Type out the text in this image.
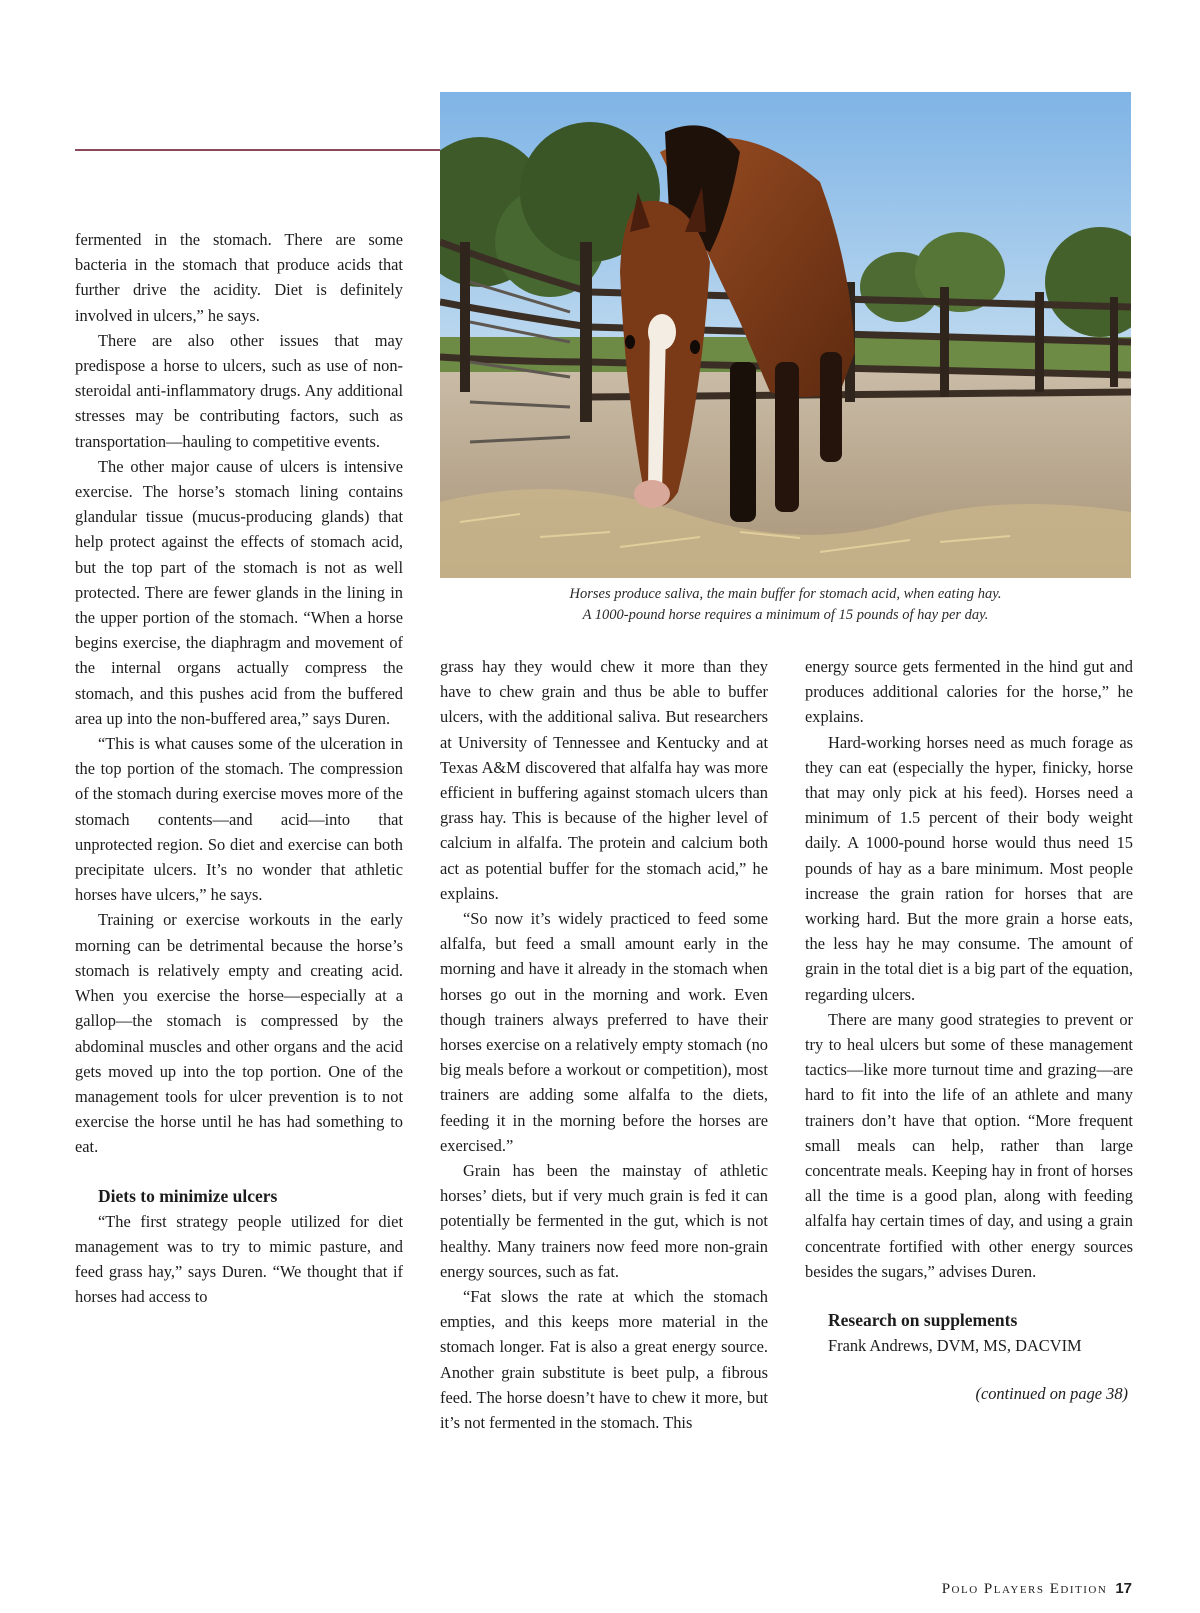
Horses produce saliva, the main buffer for stomach acid, when eating hay.

A 1000-pound horse requires a minimum of 15 pounds of hay per day.

fermented in the stomach. There are some bacteria in the stomach that produce acids that further drive the acidity. Diet is definitely involved in ulcers,” he says.

There are also other issues that may predispose a horse to ulcers, such as use of non-steroidal anti-inflammatory drugs. Any additional stresses may be contributing factors, such as transportation—hauling to competitive events.

The other major cause of ulcers is intensive exercise. The horse’s stomach lining contains glandular tissue (mucus-producing glands) that help protect against the effects of stomach acid, but the top part of the stomach is not as well protected. There are fewer glands in the lining in the upper portion of the stomach. “When a horse begins exercise, the diaphragm and movement of the internal organs actually compress the stomach, and this pushes acid from the buffered area up into the non-buffered area,” says Duren.

“This is what causes some of the ulceration in the top portion of the stomach. The compression of the stomach during exercise moves more of the stomach contents—and acid—into that unprotected region. So diet and exercise can both precipitate ulcers. It’s no wonder that athletic horses have ulcers,” he says.

Training or exercise workouts in the early morning can be detrimental because the horse’s stomach is relatively empty and creating acid. When you exercise the horse—especially at a gallop—the stomach is compressed by the abdominal muscles and other organs and the acid gets moved up into the top portion. One of the management tools for ulcer prevention is to not exercise the horse until he has had something to eat.

Diets to minimize ulcers

“The first strategy people utilized for diet management was to try to mimic pasture, and feed grass hay,” says Duren. “We thought that if horses had access to

grass hay they would chew it more than they have to chew grain and thus be able to buffer ulcers, with the additional saliva. But researchers at University of Tennessee and Kentucky and at Texas A&M discovered that alfalfa hay was more efficient in buffering against stomach ulcers than grass hay. This is because of the higher level of calcium in alfalfa. The protein and calcium both act as potential buffer for the stomach acid,” he explains.

“So now it’s widely practiced to feed some alfalfa, but feed a small amount early in the morning and have it already in the stomach when horses go out in the morning and work. Even though trainers always preferred to have their horses exercise on a relatively empty stomach (no big meals before a workout or competition), most trainers are adding some alfalfa to the diets, feeding it in the morning before the horses are exercised.”

Grain has been the mainstay of athletic horses’ diets, but if very much grain is fed it can potentially be fermented in the gut, which is not healthy. Many trainers now feed more non-grain energy sources, such as fat.

“Fat slows the rate at which the stomach empties, and this keeps more material in the stomach longer. Fat is also a great energy source. Another grain substitute is beet pulp, a fibrous feed. The horse doesn’t have to chew it more, but it’s not fermented in the stomach. This

energy source gets fermented in the hind gut and produces additional calories for the horse,” he explains.

Hard-working horses need as much forage as they can eat (especially the hyper, finicky, horse that may only pick at his feed). Horses need a minimum of 1.5 percent of their body weight daily. A 1000-pound horse would thus need 15 pounds of hay as a bare minimum. Most people increase the grain ration for horses that are working hard. But the more grain a horse eats, the less hay he may consume. The amount of grain in the total diet is a big part of the equation, regarding ulcers.

There are many good strategies to prevent or try to heal ulcers but some of these management tactics—like more turnout time and grazing—are hard to fit into the life of an athlete and many trainers don’t have that option. “More frequent small meals can help, rather than large concentrate meals. Keeping hay in front of horses all the time is a good plan, along with feeding alfalfa hay certain times of day, and using a grain concentrate fortified with other energy sources besides the sugars,” advises Duren.

Research on supplements

Frank Andrews, DVM, MS, DACVIM

(continued on page 38)
Polo Players Edition 17
